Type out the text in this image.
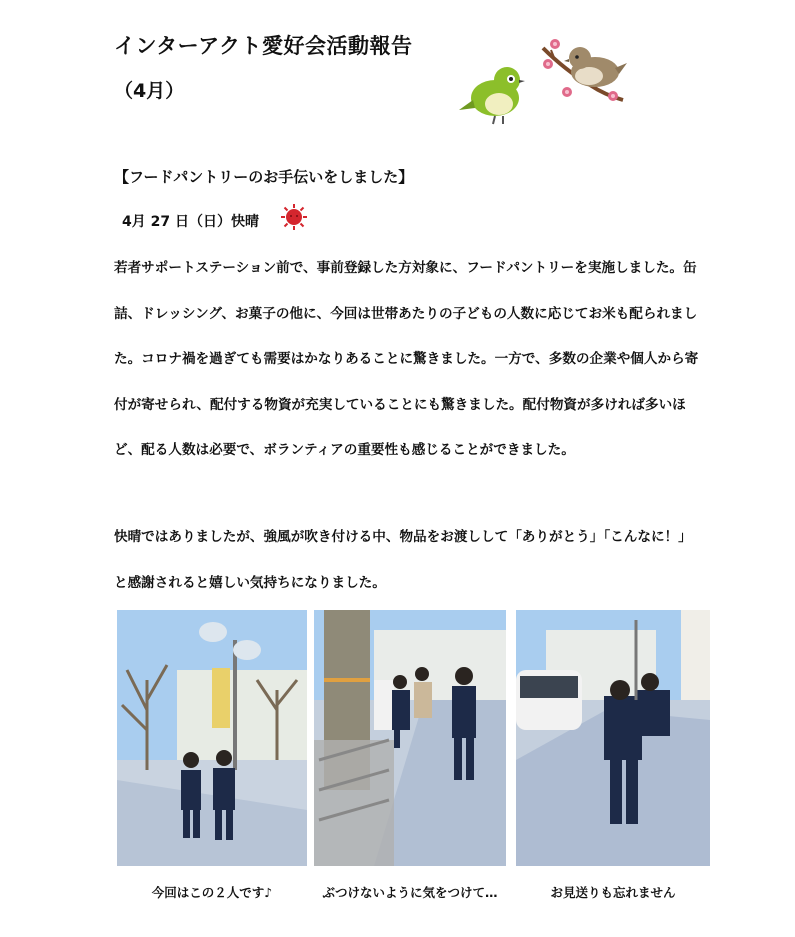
インターアクト愛好会活動報告
（4月）
【フードパントリーのお手伝いをしました】
4月 27 日（日）快晴

若者サポートステーション前で、事前登録した方対象に、フードパントリーを実施しました。缶詰、ドレッシング、お菓子の他に、今回は世帯あたりの子どもの人数に応じてお米も配られました。コロナ禍を過ぎても需要はかなりあることに驚きました。一方で、多数の企業や個人から寄付が寄せられ、配付する物資が充実していることにも驚きました。配付物資が多ければ多いほど、配る人数は必要で、ボランティアの重要性も感じることができました。

快晴ではありましたが、強風が吹き付ける中、物品をお渡しして「ありがとう」「こんなに！」と感謝されると嬉しい気持ちになりました。

今回はこの２人です♪	ぶつけないように気をつけて…	お見送りも忘れません
